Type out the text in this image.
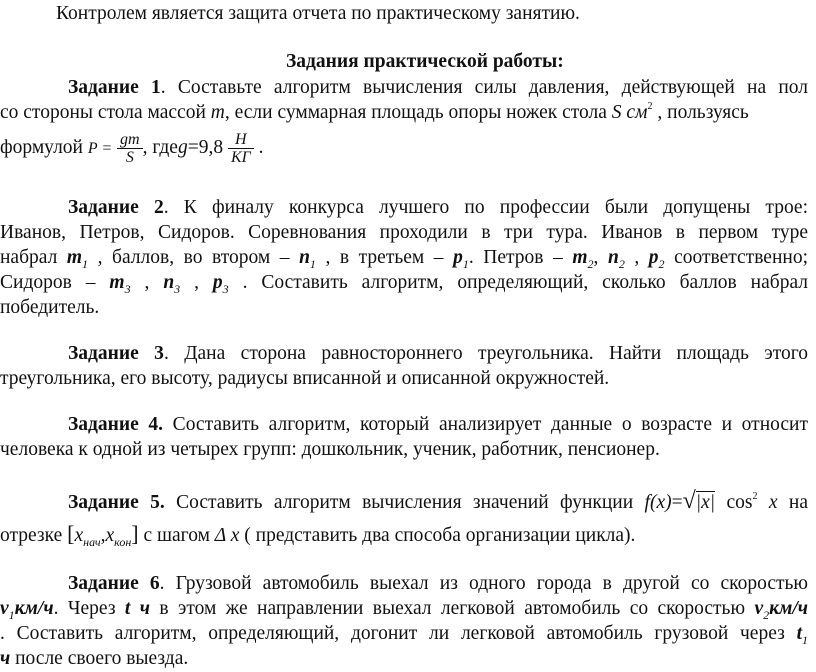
Контролем является защита отчета по практическому занятию.
Задания практической работы:
Задание 1. Составьте алгоритм вычисления силы давления, действующей на пол
со стороны стола массой m, если суммарная площадь опоры ножек стола S $см^2$ , пользуясь
формулой $P = \frac{gm}{S}$ , гдеg=9,8 $\frac{Н}{КГ}$ .
Задание 2. К финалу конкурса лучшего по профессии были допущены трое:
Иванов, Петров, Сидоров. Соревнования проходили в три тура. Иванов в первом туре
набрал $m_1$ , баллов, во втором – $n_1$ , в третьем – $p_1$. Петров – $m_2$, $n_2$ , $p_2$ соответственно;
Сидоров – $m_3$ , $n_3$ , $p_3$ . Составить алгоритм, определяющий, сколько баллов набрал
победитель.
Задание 3. Дана сторона равностороннего треугольника. Найти площадь этого
треугольника, его высоту, радиусы вписанной и описанной окружностей.
Задание 4. Составить алгоритм, который анализирует данные о возрасте и относит
человека к одной из четырех групп: дошкольник, ученик, работник, пенсионер.
Задание 5. Составить алгоритм вычисления значений функции f(x)=√|x| $\cos^2 x$ на
отрезке $[x_{нач},x_{кон}]$ с шагом Δ x ( представить два способа организации цикла).
Задание 6. Грузовой автомобиль выехал из одного города в другой со скоростью
$v_1км/ч$. Через t ч в этом же направлении выехал легковой автомобиль со скоростью $v_2км/ч$
. Составить алгоритм, определяющий, догонит ли легковой автомобиль грузовой через $t_1$
ч после своего выезда.
